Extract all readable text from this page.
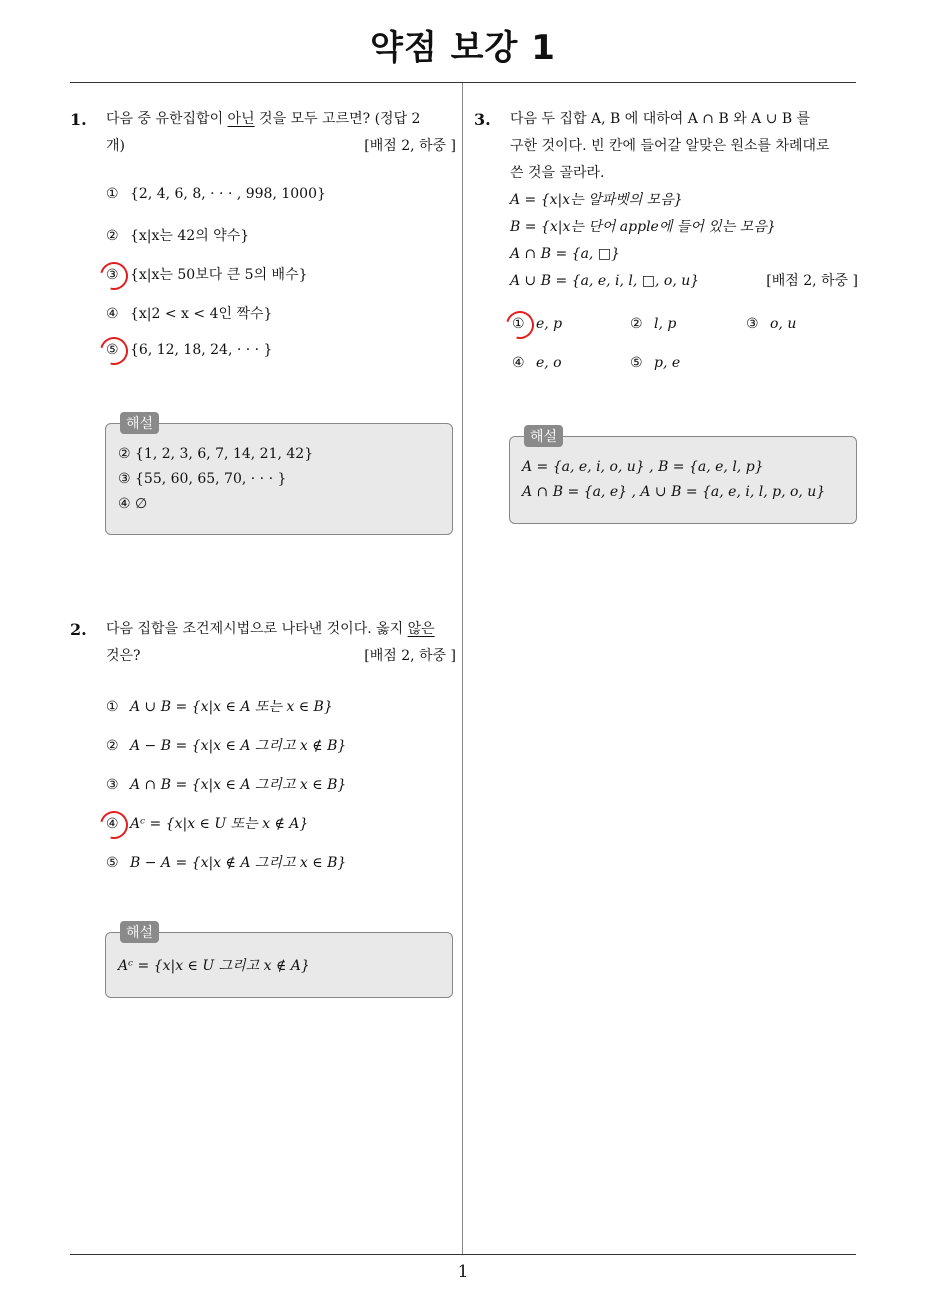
약점 보강 1
1. 다음 중 유한집합이 아닌 것을 모두 고르면? (정답 2

개)	[배점 2, 하중 ]

① {2, 4, 6, 8, · · · , 998, 1000}
② {x|x는 42의 약수}
③ {x|x는 50보다 큰 5의 배수}
④ {x|2 < x < 4인 짝수}
⑤ {6, 12, 18, 24, · · · }
해설
② {1, 2, 3, 6, 7, 14, 21, 42}
③ {55, 60, 65, 70, · · · }
④ ∅
2. 다음 집합을 조건제시법으로 나타낸 것이다. 옳지 않은

것은?	[배점 2, 하중 ]

① A ∪ B = {x|x ∈ A 또는 x ∈ B}
② A − B = {x|x ∈ A 그리고 x ∉ B}
③ A ∩ B = {x|x ∈ A 그리고 x ∈ B}
④ Aᶜ = {x|x ∈ U 또는 x ∉ A}
⑤ B − A = {x|x ∉ A 그리고 x ∈ B}
해설
Aᶜ = {x|x ∈ U 그리고 x ∉ A}
3. 다음 두 집합 A, B 에 대하여 A ∩ B 와 A ∪ B 를

구한 것이다. 빈 칸에 들어갈 알맞은 원소를 차례대로

쓴 것을 골라라.

A = {x|x는 알파벳의 모음}

B = {x|x는 단어 apple에 들어 있는 모음}

A ∩ B = {a, □}

A ∪ B = {a, e, i, l, □, o, u}	[배점 2, 하중 ]

① e, p	② l, p	③ o, u
④ e, o	⑤ p, e
해설
A = {a, e, i, o, u} , B = {a, e, l, p}
A ∩ B = {a, e} , A ∪ B = {a, e, i, l, p, o, u}
1
